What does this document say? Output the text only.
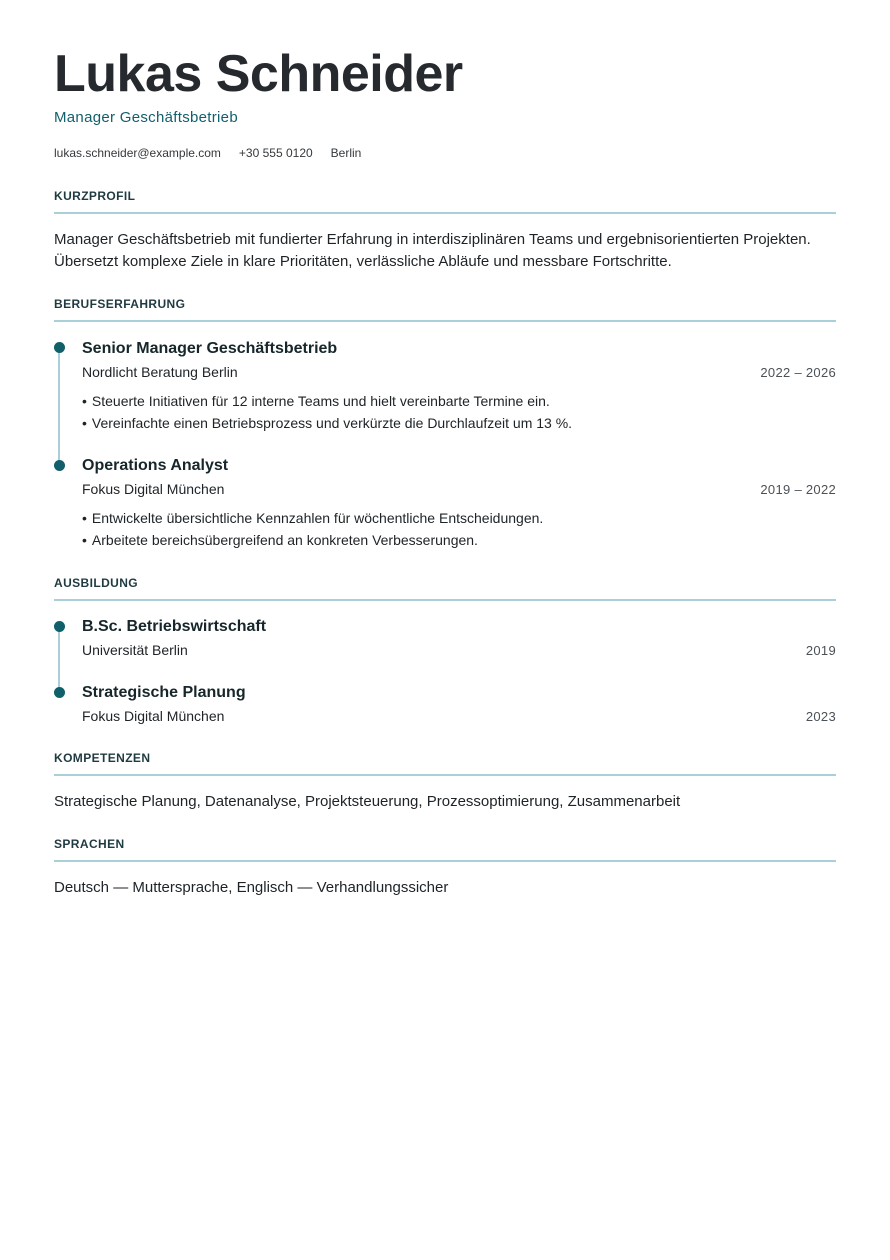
Lukas Schneider
Manager Geschäftsbetrieb
lukas.schneider@example.com +30 555 0120 Berlin
KURZPROFIL
Manager Geschäftsbetrieb mit fundierter Erfahrung in interdisziplinären Teams und ergebnisorientierten Projekten. Übersetzt komplexe Ziele in klare Prioritäten, verlässliche Abläufe und messbare Fortschritte.
BERUFSERFAHRUNG
Senior Manager Geschäftsbetrieb
Nordlicht Beratung Berlin	2022 – 2026
• Steuerte Initiativen für 12 interne Teams und hielt vereinbarte Termine ein.
• Vereinfachte einen Betriebsprozess und verkürzte die Durchlaufzeit um 13 %.
Operations Analyst
Fokus Digital München	2019 – 2022
• Entwickelte übersichtliche Kennzahlen für wöchentliche Entscheidungen.
• Arbeitete bereichsübergreifend an konkreten Verbesserungen.
AUSBILDUNG
B.Sc. Betriebswirtschaft
Universität Berlin	2019
Strategische Planung
Fokus Digital München	2023
KOMPETENZEN
Strategische Planung, Datenanalyse, Projektsteuerung, Prozessoptimierung, Zusammenarbeit
SPRACHEN
Deutsch — Muttersprache, Englisch — Verhandlungssicher
